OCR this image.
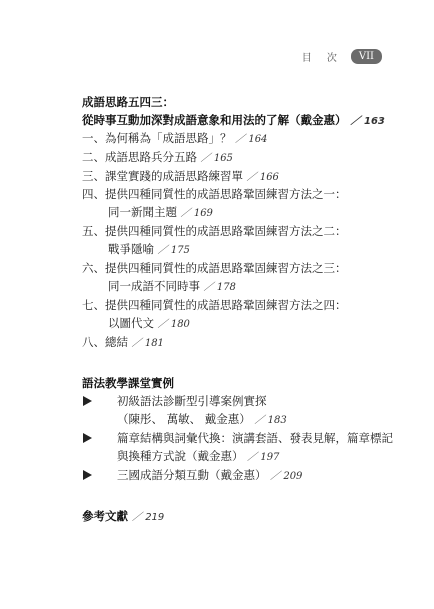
目 次	VII
成語思路五四三：
從時事互動加深對成語意象和用法的了解（戴金惠） ／ 163
一、為何稱為「成語思路」？ ／ 164
二、成語思路兵分五路 ／ 165
三、課堂實踐的成語思路練習單 ／ 166
四、提供四種同質性的成語思路鞏固練習方法之一：
同一新聞主題 ／ 169
五、提供四種同質性的成語思路鞏固練習方法之二：
戰爭隱喻 ／ 175
六、提供四種同質性的成語思路鞏固練習方法之三：
同一成語不同時事 ／ 178
七、提供四種同質性的成語思路鞏固練習方法之四：
以圖代文 ／ 180
八、總結 ／ 181
語法教學課堂實例
初級語法診斷型引導案例實探
（陳彤、 萬敏、 戴金惠） ／ 183
篇章結構與詞彙代換：演講套語、發表見解，篇章標記
與換種方式說（戴金惠） ／ 197
三國成語分類互動（戴金惠） ／ 209
參考文獻 ／ 219
